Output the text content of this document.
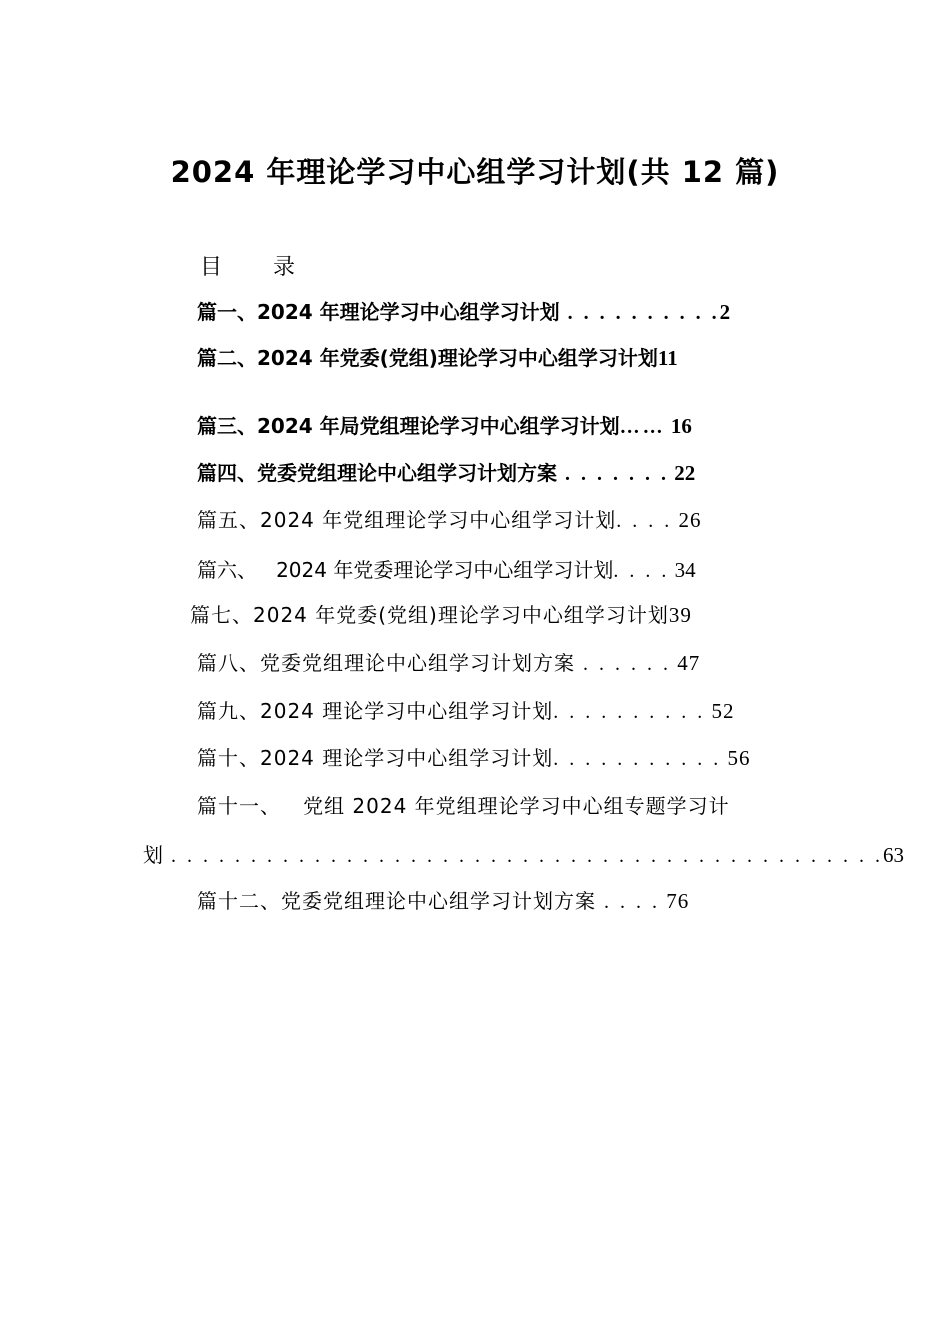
2024 年理论学习中心组学习计划(共 12 篇)
目 录
篇一、2024 年理论学习中心组学习计划 . . . . . . . . . .2
篇二、2024 年党委(党组)理论学习中心组学习计划11
篇三、2024 年局党组理论学习中心组学习计划…… 16
篇四、党委党组理论中心组学习计划方案 . . . . . . . 22
篇五、2024 年党组理论学习中心组学习计划. . . . 26
篇六、   2024 年党委理论学习中心组学习计划. . . . 34
篇七、2024 年党委(党组)理论学习中心组学习计划39
篇八、党委党组理论中心组学习计划方案 . . . . . . 47
篇九、2024 理论学习中心组学习计划. . . . . . . . . . 52
篇十、2024 理论学习中心组学习计划. . . . . . . . . . . 56
篇十一、   党组 2024 年党组理论学习中心组专题学习计
划 . . . . . . . . . . . . . . . . . . . . . . . . . . . . . . . . . . . . . . . . . . . . .63
篇十二、党委党组理论中心组学习计划方案 . . . . 76
